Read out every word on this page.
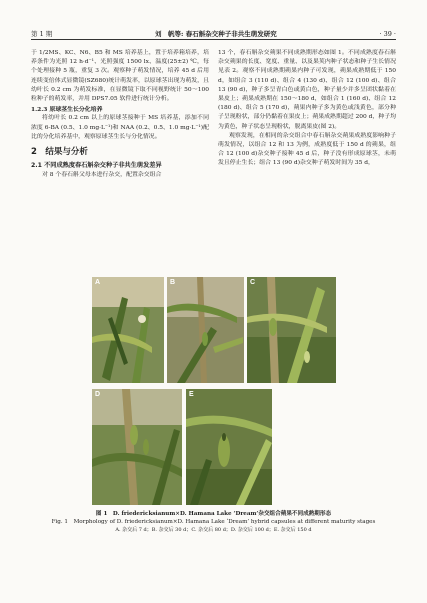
第 1 期	刘　帆等: 春石斛杂交种子非共生萌发研究	· 39 ·

于 1/2MS、KC、N6、B5 和 MS 培养基上，置于培养箱培养，培养条件为光照 12 h·d⁻¹、光照强度 1500 lx、温度(25±2) ℃，每个处理接种 5 瓶，重复 3 次。观察种子萌发情况，培养 45 d 后用连续变倍体式显微镜(SZ680)统计萌发率，以原球茎出现为萌发，且幼叶长 0.2 cm 为萌发标准，在显微镜下取不同视野统计 50～100 粒种子的萌发率，并用 DPS7.05 软件进行统计分析。

1.2.3 原球茎生长分化培养

将幼叶长 0.2 cm 以上的原球茎接种于 MS 培养基，添加不同浓度 6-BA (0.5、1.0 mg·L⁻¹)和 NAA (0.2、0.5、1.0 mg·L⁻¹)配比的分化培养基中，观察原球茎生长与分化情况。

2　结果与分析
2.1 不同成熟度春石斛杂交种子非共生萌发差异

对 8 个春石斛父母本进行杂交，配置杂交组合

13 个，春石斛杂交蒴果不同成熟期形态如图 1。不同成熟度春石斛杂交蒴果的长度、宽度、重量、以及果荚内种子状态和种子生长情况见表 2。观察不同成熟期蒴果内种子可发现，蒴果成熟期低于 150 d，如组合 3 (110 d)、组合 4 (130 d)、组合 12 (100 d)、组合 13 (90 d)，种子多呈青白色或黄白色，种子量少并多呈团状黏着在果皮上；蒴果成熟期在 150～180 d，如组合 1 (160 d)、组合 12 (180 d)、组合 5 (170 d)，蒴果内种子多为黄色或浅黄色，部分种子呈现粉状，部分仍黏着在果皮上；蒴果成熟期超过 200 d，种子均为黄色，种子状态呈现粉状，脱离果皮(图 2)。

观察发现，在相同的杂交组合中春石斛杂交蒴果成熟度影响种子萌发情况，以组合 12 和 13 为例，成熟度低于 150 d 的蒴果，组合 12 (100 d)杂交种子接种 45 d 后，种子没有形成原球茎，未萌发且停止生长；组合 13 (90 d)杂交种子萌发时间为 35 d，

A	B	C
D	E
图 1　D. friedericksianum×D. Hamana Lake ‘Dream’杂交组合蒴果不同成熟期形态
Fig. 1　Morphology of D. friedericksianum×D. Hamana Lake ‘Dream’ hybrid capsules at different maturity stages
A. 杂交后 7 d；B. 杂交后 30 d；C. 杂交后 80 d；D. 杂交后 100 d；E. 杂交后 150 d
